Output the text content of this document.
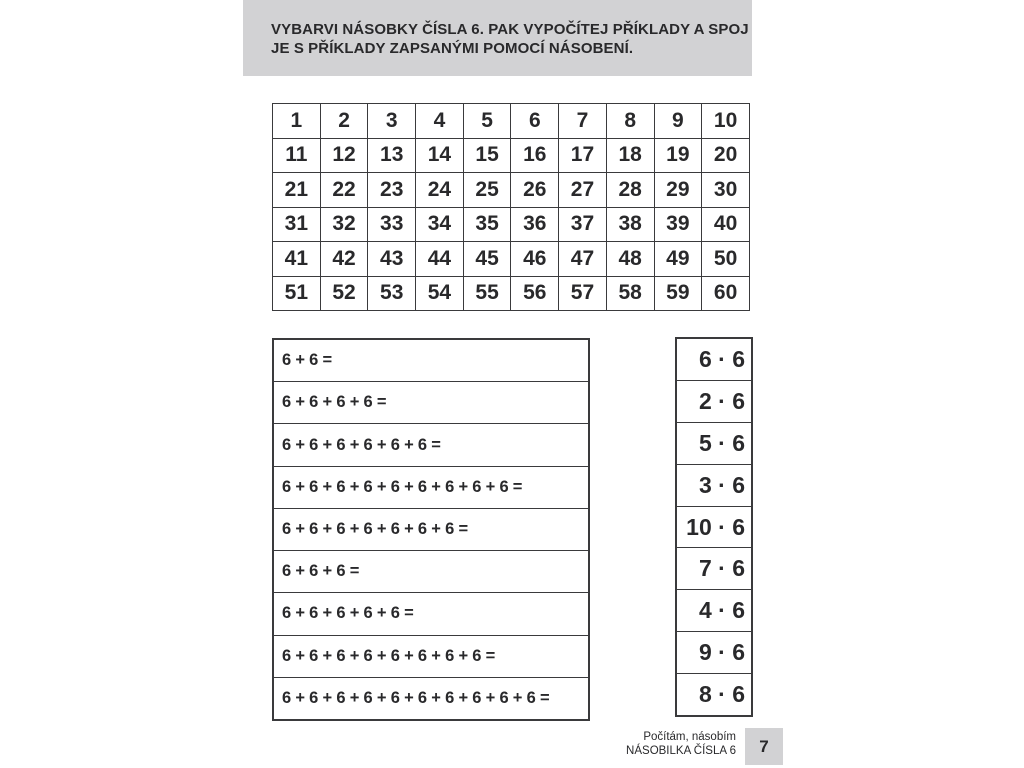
VYBARVI NÁSOBKY ČÍSLA 6. PAK VYPOČÍTEJ PŘÍKLADY A SPOJ
JE S PŘÍKLADY ZAPSANÝMI POMOCÍ NÁSOBENÍ.
1	2	3	4	5	6	7	8	9	10
11	12	13	14	15	16	17	18	19	20
21	22	23	24	25	26	27	28	29	30
31	32	33	34	35	36	37	38	39	40
41	42	43	44	45	46	47	48	49	50
51	52	53	54	55	56	57	58	59	60
6 + 6 =
6 + 6 + 6 + 6 =
6 + 6 + 6 + 6 + 6 + 6 =
6 + 6 + 6 + 6 + 6 + 6 + 6 + 6 + 6 =
6 + 6 + 6 + 6 + 6 + 6 + 6 =
6 + 6 + 6 =
6 + 6 + 6 + 6 + 6 =
6 + 6 + 6 + 6 + 6 + 6 + 6 + 6 =
6 + 6 + 6 + 6 + 6 + 6 + 6 + 6 + 6 + 6 =
6 · 6
2 · 6
5 · 6
3 · 6
10 · 6
7 · 6
4 · 6
9 · 6
8 · 6
Počítám, násobím
NÁSOBILKA ČÍSLA 6	7
